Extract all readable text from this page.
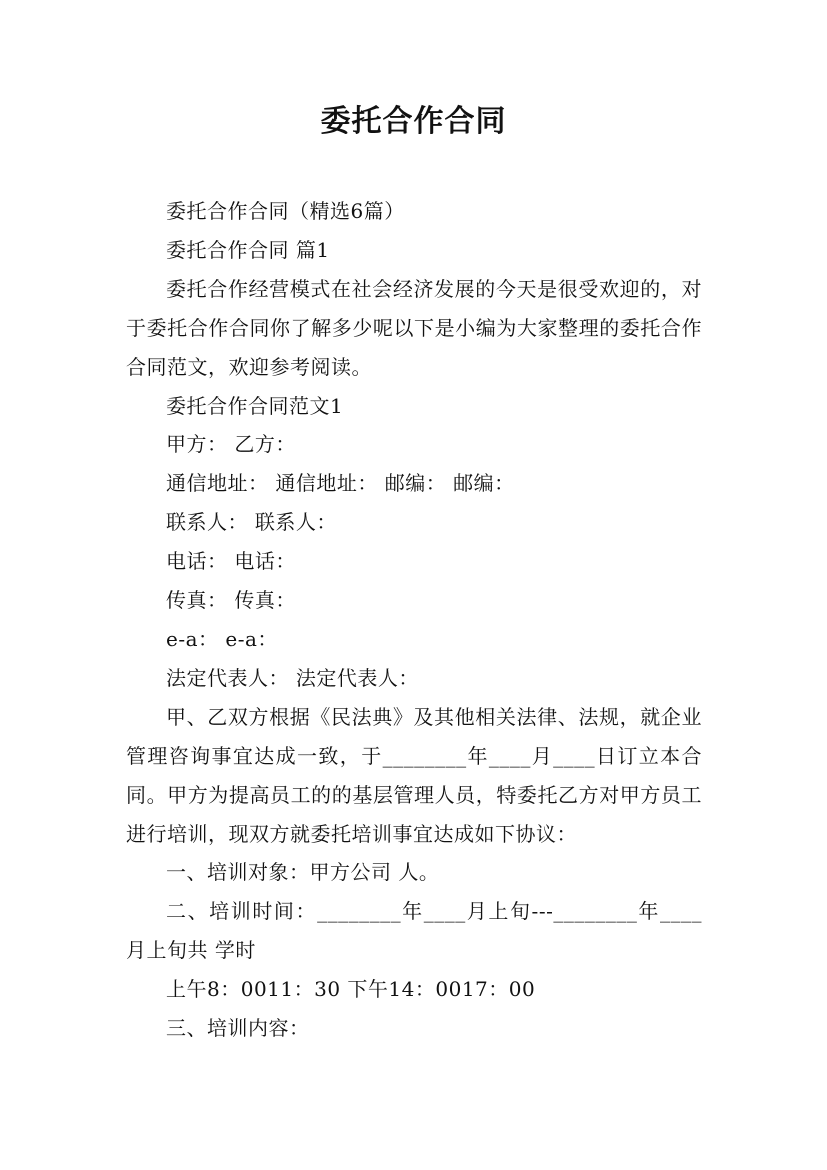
委托合作合同

委托合作合同（精选6篇）

委托合作合同 篇1

委托合作经营模式在社会经济发展的今天是很受欢迎的，对于委托合作合同你了解多少呢以下是小编为大家整理的委托合作合同范文，欢迎参考阅读。

委托合作合同范文1

甲方： 乙方：

通信地址： 通信地址： 邮编： 邮编：

联系人： 联系人：

电话： 电话：

传真： 传真：

e-a： e-a：

法定代表人： 法定代表人：

甲、乙双方根据《民法典》及其他相关法律、法规，就企业管理咨询事宜达成一致，于________年____月____日订立本合同。甲方为提高员工的的基层管理人员，特委托乙方对甲方员工进行培训，现双方就委托培训事宜达成如下协议：

一、培训对象：甲方公司 人。

二、培训时间：________年____月上旬---________年____月上旬共 学时

上午8：0011：30 下午14：0017：00

三、培训内容：
